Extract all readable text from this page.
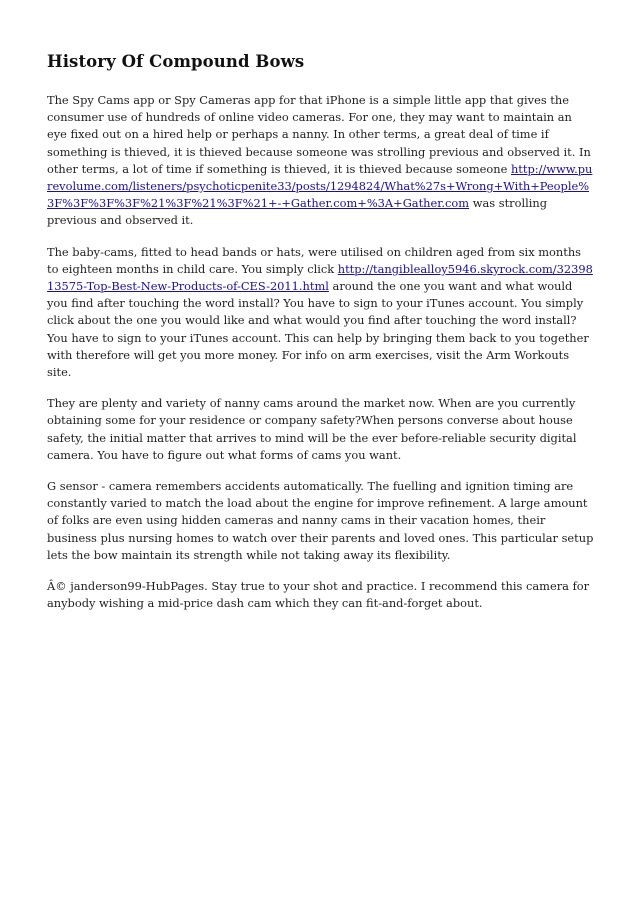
History Of Compound Bows

The Spy Cams app or Spy Cameras app for that iPhone is a simple little app that gives the consumer use of hundreds of online video cameras. For one, they may want to maintain an eye fixed out on a hired help or perhaps a nanny. In other terms, a great deal of time if something is thieved, it is thieved because someone was strolling previous and observed it. In other terms, a lot of time if something is thieved, it is thieved because someone http://www.purevolume.com/listeners/psychoticpenite33/posts/1294824/What%27s+Wrong+With+People%3F%3F%3F%3F%21%3F%21%3F%21+-+Gather.com+%3A+Gather.com was strolling previous and observed it.

The baby-cams, fitted to head bands or hats, were utilised on children aged from six months to eighteen months in child care. You simply click http://tangiblealloy5946.skyrock.com/3239813575-Top-Best-New-Products-of-CES-2011.html around the one you want and what would you find after touching the word install? You have to sign to your iTunes account. You simply click about the one you would like and what would you find after touching the word install? You have to sign to your iTunes account. This can help by bringing them back to you together with therefore will get you more money. For info on arm exercises, visit the Arm Workouts site.

They are plenty and variety of nanny cams around the market now. When are you currently obtaining some for your residence or company safety?When persons converse about house safety, the initial matter that arrives to mind will be the ever before-reliable security digital camera. You have to figure out what forms of cams you want.

G sensor - camera remembers accidents automatically. The fuelling and ignition timing are constantly varied to match the load about the engine for improve refinement. A large amount of folks are even using hidden cameras and nanny cams in their vacation homes, their business plus nursing homes to watch over their parents and loved ones. This particular setup lets the bow maintain its strength while not taking away its flexibility.

Â© janderson99-HubPages. Stay true to your shot and practice. I recommend this camera for anybody wishing a mid-price dash cam which they can fit-and-forget about.
